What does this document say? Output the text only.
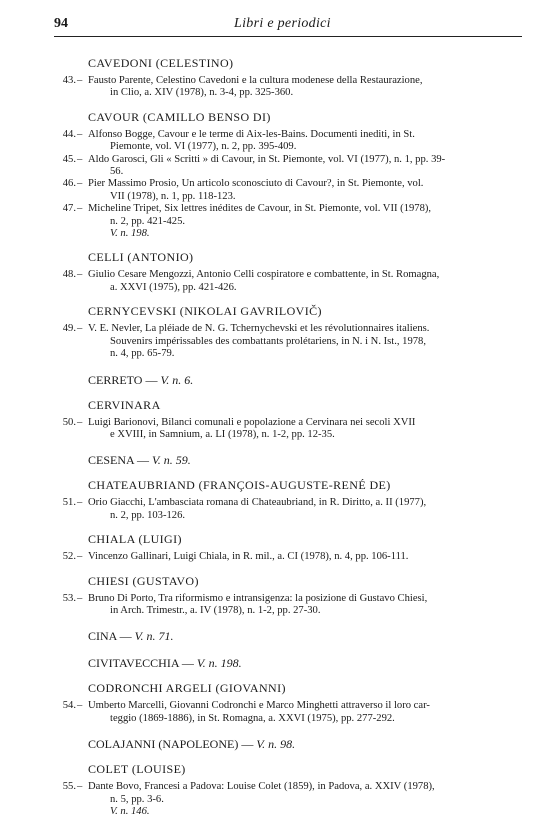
94	Libri e periodici
CAVEDONI (CELESTINO)
43. – Fausto Parente, Celestino Cavedoni e la cultura modenese della Restaurazione,
in Clio, a. XIV (1978), n. 3-4, pp. 325-360.
CAVOUR (CAMILLO BENSO DI)
44. – Alfonso Bogge, Cavour e le terme di Aix-les-Bains. Documenti inediti, in St.
Piemonte, vol. VI (1977), n. 2, pp. 395-409.
45. – Aldo Garosci, Gli « Scritti » di Cavour, in St. Piemonte, vol. VI (1977), n. 1, pp. 39-
56.
46. – Pier Massimo Prosio, Un articolo sconosciuto di Cavour?, in St. Piemonte, vol.
VII (1978), n. 1, pp. 118-123.
47. – Micheline Tripet, Six lettres inédites de Cavour, in St. Piemonte, vol. VII (1978),
n. 2, pp. 421-425.
V. n. 198.
CELLI (ANTONIO)
48. – Giulio Cesare Mengozzi, Antonio Celli cospiratore e combattente, in St. Romagna,
a. XXVI (1975), pp. 421-426.
CERNYCEVSKI (NIKOLAI GAVRILOVIČ)
49. – V. E. Nevler, La pléiade de N. G. Tchernychevski et les révolutionnaires italiens.
Souvenirs impérissables des combattants prolétariens, in N. i N. Ist., 1978,
n. 4, pp. 65-79.
CERRETO — V. n. 6.
CERVINARA
50. – Luigi Barionovi, Bilanci comunali e popolazione a Cervinara nei secoli XVII
e XVIII, in Samnium, a. LI (1978), n. 1-2, pp. 12-35.
CESENA — V. n. 59.
CHATEAUBRIAND (FRANÇOIS-AUGUSTE-RENÉ DE)
51. – Orio Giacchi, L'ambasciata romana di Chateaubriand, in R. Diritto, a. II (1977),
n. 2, pp. 103-126.
CHIALA (LUIGI)
52. – Vincenzo Gallinari, Luigi Chiala, in R. mil., a. CI (1978), n. 4, pp. 106-111.
CHIESI (GUSTAVO)
53. – Bruno Di Porto, Tra riformismo e intransigenza: la posizione di Gustavo Chiesi,
in Arch. Trimestr., a. IV (1978), n. 1-2, pp. 27-30.
CINA — V. n. 71.
CIVITAVECCHIA — V. n. 198.
CODRONCHI ARGELI (GIOVANNI)
54. – Umberto Marcelli, Giovanni Codronchi e Marco Minghetti attraverso il loro car-
teggio (1869-1886), in St. Romagna, a. XXVI (1975), pp. 277-292.
COLAJANNI (NAPOLEONE) — V. n. 98.
COLET (LOUISE)
55. – Dante Bovo, Francesi a Padova: Louise Colet (1859), in Padova, a. XXIV (1978),
n. 5, pp. 3-6.
V. n. 146.
